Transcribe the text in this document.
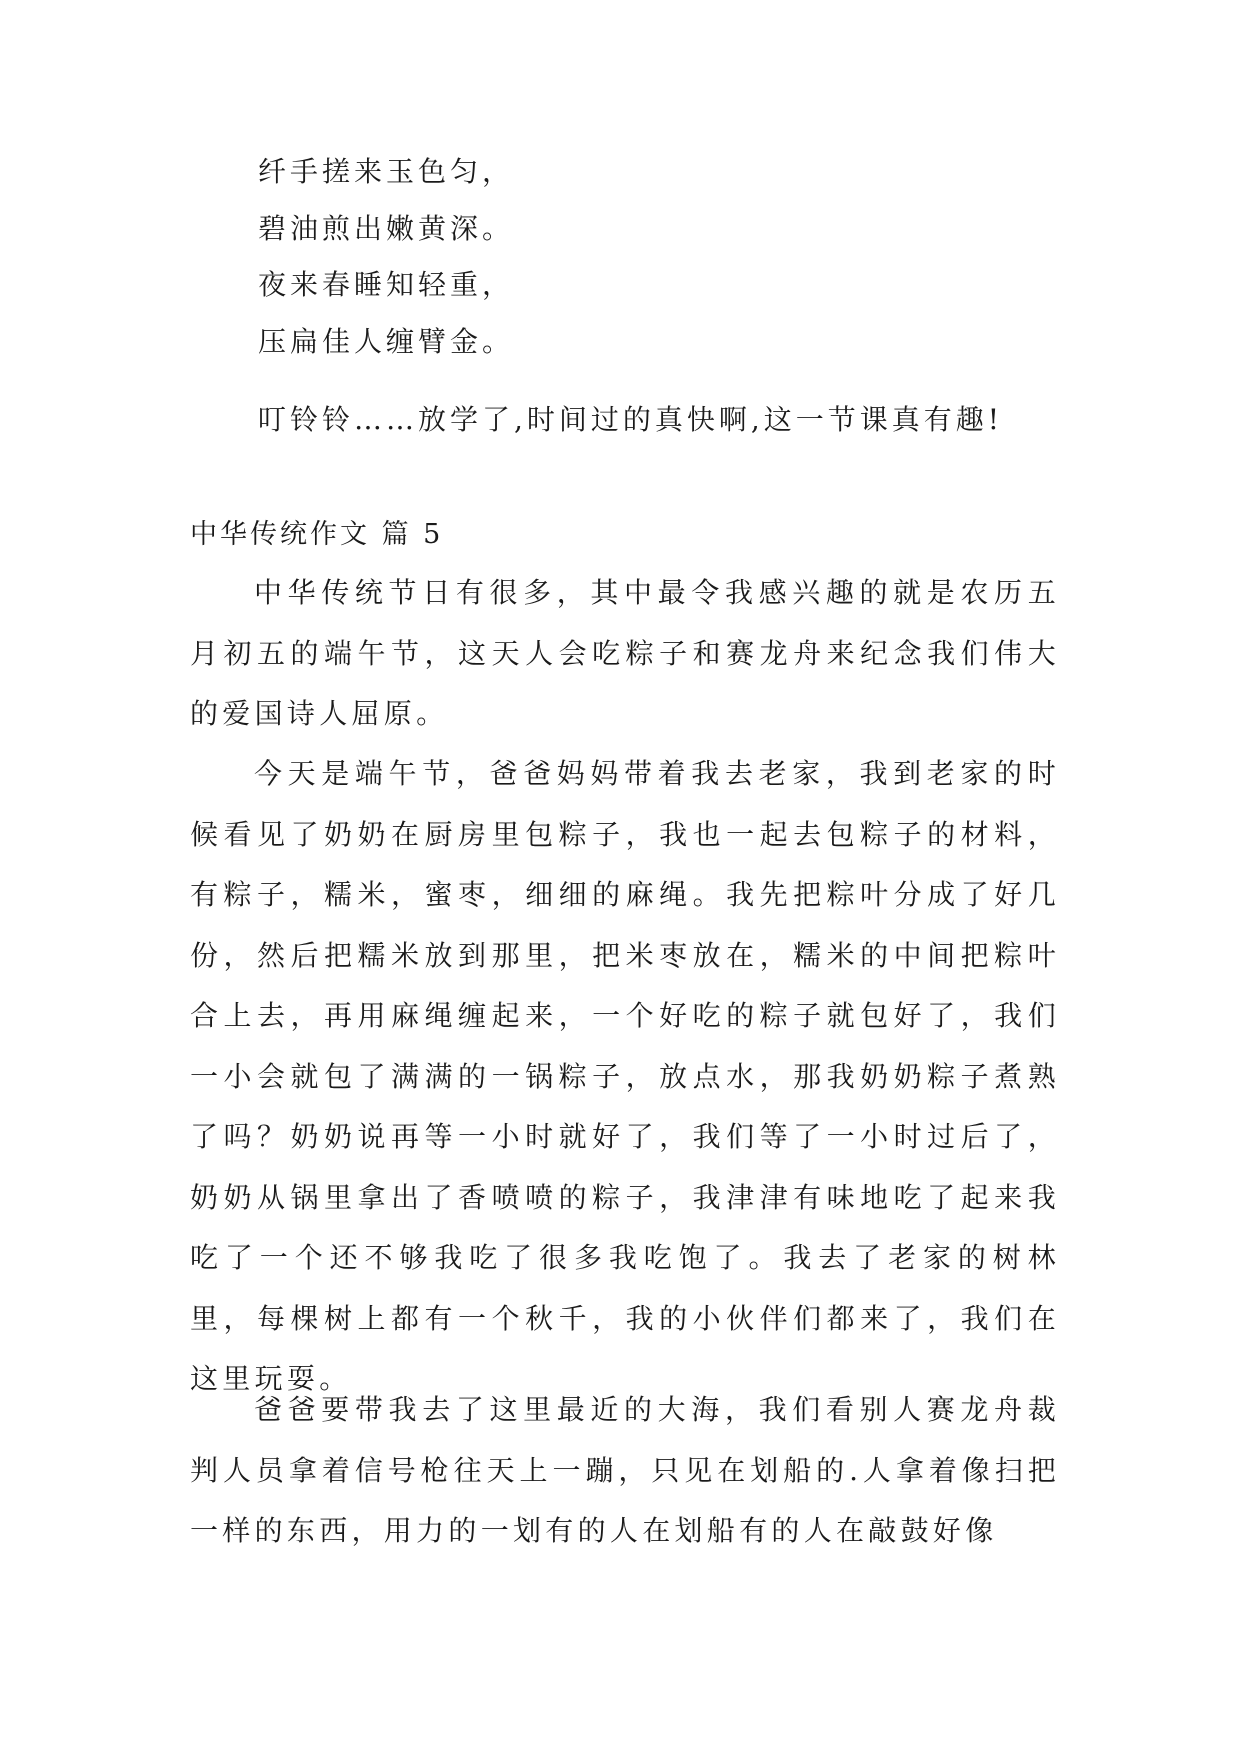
纤手搓来玉色匀，
碧油煎出嫩黄深。
夜来春睡知轻重，
压扁佳人缠臂金。
叮铃铃……放学了,时间过的真快啊,这一节课真有趣!
中华传统作文 篇 5

中华传统节日有很多，其中最令我感兴趣的就是农历五月初五的端午节，这天人会吃粽子和赛龙舟来纪念我们伟大的爱国诗人屈原。

今天是端午节，爸爸妈妈带着我去老家，我到老家的时候看见了奶奶在厨房里包粽子，我也一起去包粽子的材料，有粽子，糯米，蜜枣，细细的麻绳。我先把粽叶分成了好几份，然后把糯米放到那里，把米枣放在，糯米的中间把粽叶合上去，再用麻绳缠起来，一个好吃的粽子就包好了，我们一小会就包了满满的一锅粽子，放点水，那我奶奶粽子煮熟了吗？奶奶说再等一小时就好了，我们等了一小时过后了，奶奶从锅里拿出了香喷喷的粽子，我津津有味地吃了起来我吃了一个还不够我吃了很多我吃饱了。我去了老家的树林里，每棵树上都有一个秋千，我的小伙伴们都来了，我们在这里玩耍。

爸爸要带我去了这里最近的大海，我们看别人赛龙舟裁判人员拿着信号枪往天上一蹦，只见在划船的.人拿着像扫把一样的东西，用力的一划有的人在划船有的人在敲鼓好像
